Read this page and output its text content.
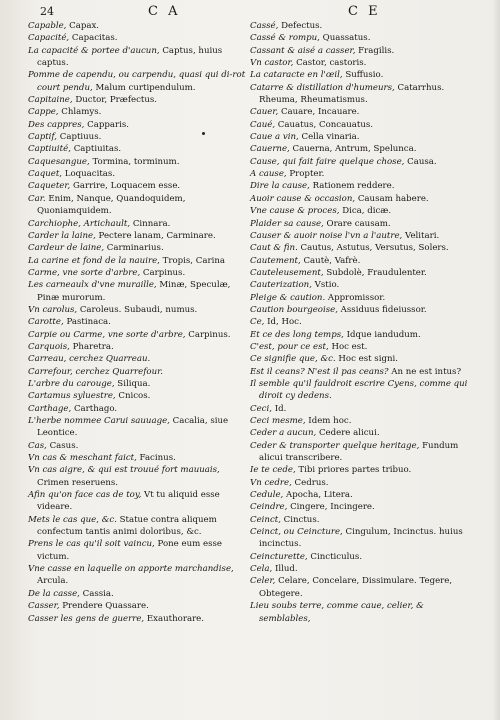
24	C A	C E
Capable, Capax.
Capacité, Capacitas.
La capacité & portee d'aucun, Captus, huius captus.
Pomme de capendu, ou carpendu, quasi qui di-rot court pendu, Malum curtipendulum.
Capitaine, Ductor, Præfectus.
Cappe, Chlamys.
Des cappres, Capparis.
Captif, Captiuus.
Captiuité, Captiuitas.
Caquesangue, Tormina, torminum.
Caquet, Loquacitas.
Caqueter, Garrire, Loquacem esse.
Car. Enim, Nanque, Quandoquidem, Quoniamquidem.
Carchiophe, Artichault, Cinnara.
Carder la laine, Pectere lanam, Carminare.
Cardeur de laine, Carminarius.
La carine et fond de la nauire, Tropis, Carina
Carme, vne sorte d'arbre, Carpinus.
Les carneaulx d'vne muraille, Minæ, Speculæ, Pinæ murorum.
Vn carolus, Caroleus. Subaudi, numus.
Carotte, Pastinaca.
Carpie ou Carme, vne sorte d'arbre, Carpinus.
Carquois, Pharetra.
Carreau, cerchez Quarreau.
Carrefour, cerchez Quarrefour.
L'arbre du carouge, Siliqua.
Cartamus syluestre, Cnicos.
Carthage, Carthago.
L'herbe nommee Carui sauuage, Cacalia, siue Leontice.
Cas, Casus.
Vn cas & meschant faict, Facinus.
Vn cas aigre, & qui est trouué fort mauuais, Crimen reseruens.
Afin qu'on face cas de toy, Vt tu aliquid esse videare.
Mets le cas que, &c. Statue contra aliquem confectum tantis animi doloribus, &c.
Prens le cas qu'il soit vaincu, Pone eum esse victum.
Vne casse en laquelle on apporte marchandise, Arcula.
De la casse, Cassia.
Casser, Prendere Quassare.
Casser les gens de guerre, Exauthorare.
Cassé, Defectus.
Cassé & rompu, Quassatus.
Cassant & aisé a casser, Fragilis.
Vn castor, Castor, castoris.
La cataracte en l'œil, Suffusio.
Catarre & distillation d'humeurs, Catarrhus. Rheuma, Rheumatismus.
Cauer, Cauare, Incauare.
Caué, Cauatus, Concauatus.
Caue a vin, Cella vinaria.
Cauerne, Cauerna, Antrum, Spelunca.
Cause, qui fait faire quelque chose, Causa.
A cause, Propter.
Dire la cause, Rationem reddere.
Auoir cause & occasion, Causam habere.
Vne cause & proces, Dica, dicæ.
Plaider sa cause, Orare causam.
Causer & auoir noise l'vn a l'autre, Velitari.
Caut & fin. Cautus, Astutus, Versutus, Solers.
Cautement, Cautè, Vafrè.
Cauteleusement, Subdolè, Fraudulenter.
Cauterization, Vstio.
Pleige & caution. Appromissor.
Caution bourgeoise, Assiduus fideiussor.
Ce, Id, Hoc.
Et ce des long temps, Idque iandudum.
C'est, pour ce est, Hoc est.
Ce signifie que, &c. Hoc est signi.
Est il ceans? N'est il pas ceans? An ne est intus?
Il semble qu'il fauldroit escrire Cyens, comme qui diroit cy dedens.
Ceci, Id.
Ceci mesme, Idem hoc.
Ceder a aucun, Cedere alicui.
Ceder & transporter quelque heritage, Fundum alicui transcribere.
Ie te cede, Tibi priores partes tribuo.
Vn cedre, Cedrus.
Cedule, Apocha, Litera.
Ceindre, Cingere, Incingere.
Ceinct, Cinctus.
Ceinct, ou Ceincture, Cingulum, Incinctus. huius incinctus.
Ceincturette, Cincticulus.
Cela, Illud.
Celer, Celare, Concelare, Dissimulare. Tegere, Obtegere.
Lieu soubs terre, comme caue, celier, & semblables,
